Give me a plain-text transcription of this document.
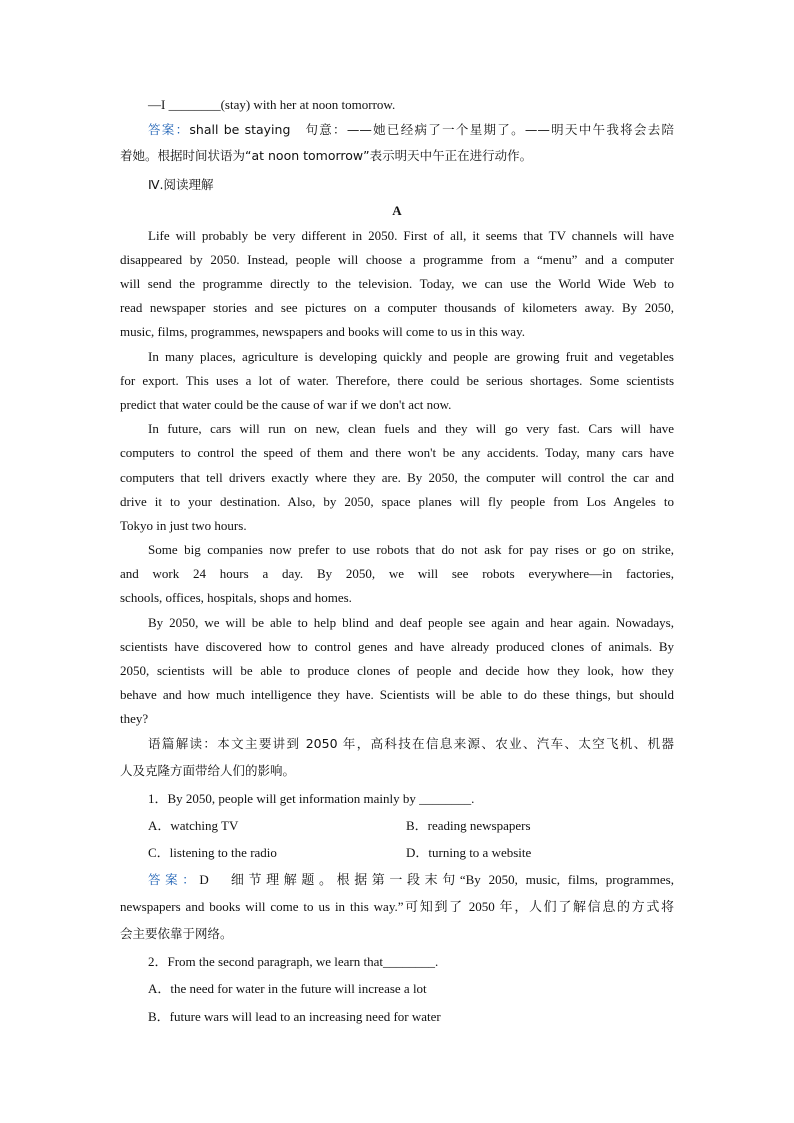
—I ________(stay) with her at noon tomorrow.
答案：shall be staying　句意：——她已经病了一个星期了。——明天中午我将会去陪
着她。根据时间状语为“at noon tomorrow”表示明天中午正在进行动作。
Ⅳ.阅读理解
A
Life will probably be very different in 2050. First of all, it seems that TV channels will have
disappeared by 2050. Instead, people will choose a programme from a “menu” and a computer
will send the programme directly to the television. Today, we can use the World Wide Web to
read newspaper stories and see pictures on a computer thousands of kilometers away. By 2050,
music, films, programmes, newspapers and books will come to us in this way.
In many places, agriculture is developing quickly and people are growing fruit and vegetables
for export. This uses a lot of water. Therefore, there could be serious shortages. Some scientists
predict that water could be the cause of war if we don't act now.
In future, cars will run on new, clean fuels and they will go very fast. Cars will have
computers to control the speed of them and there won't be any accidents. Today, many cars have
computers that tell drivers exactly where they are. By 2050, the computer will control the car and
drive it to your destination. Also, by 2050, space planes will fly people from Los Angeles to
Tokyo in just two hours.
Some big companies now prefer to use robots that do not ask for pay rises or go on strike,
and work 24 hours a day. By 2050, we will see robots everywhere—in factories,
schools, offices, hospitals, shops and homes.
By 2050, we will be able to help blind and deaf people see again and hear again. Nowadays,
scientists have discovered how to control genes and have already produced clones of animals. By
2050, scientists will be able to produce clones of people and decide how they look, how they
behave and how much intelligence they have. Scientists will be able to do these things, but should
they?
语篇解读：本文主要讲到 2050 年，高科技在信息来源、农业、汽车、太空飞机、机器
人及克隆方面带给人们的影响。
1．By 2050, people will get information mainly by ________.
A．watching TV	B．reading newspapers
C．listening to the radio	D．turning to a website
答案：D　细节理解题。根据第一段末句“By 2050, music, films, programmes,
newspapers and books will come to us in this way.”可知到了 2050 年，人们了解信息的方式将
会主要依靠于网络。
2．From the second paragraph, we learn that________.
A．the need for water in the future will increase a lot
B．future wars will lead to an increasing need for water
